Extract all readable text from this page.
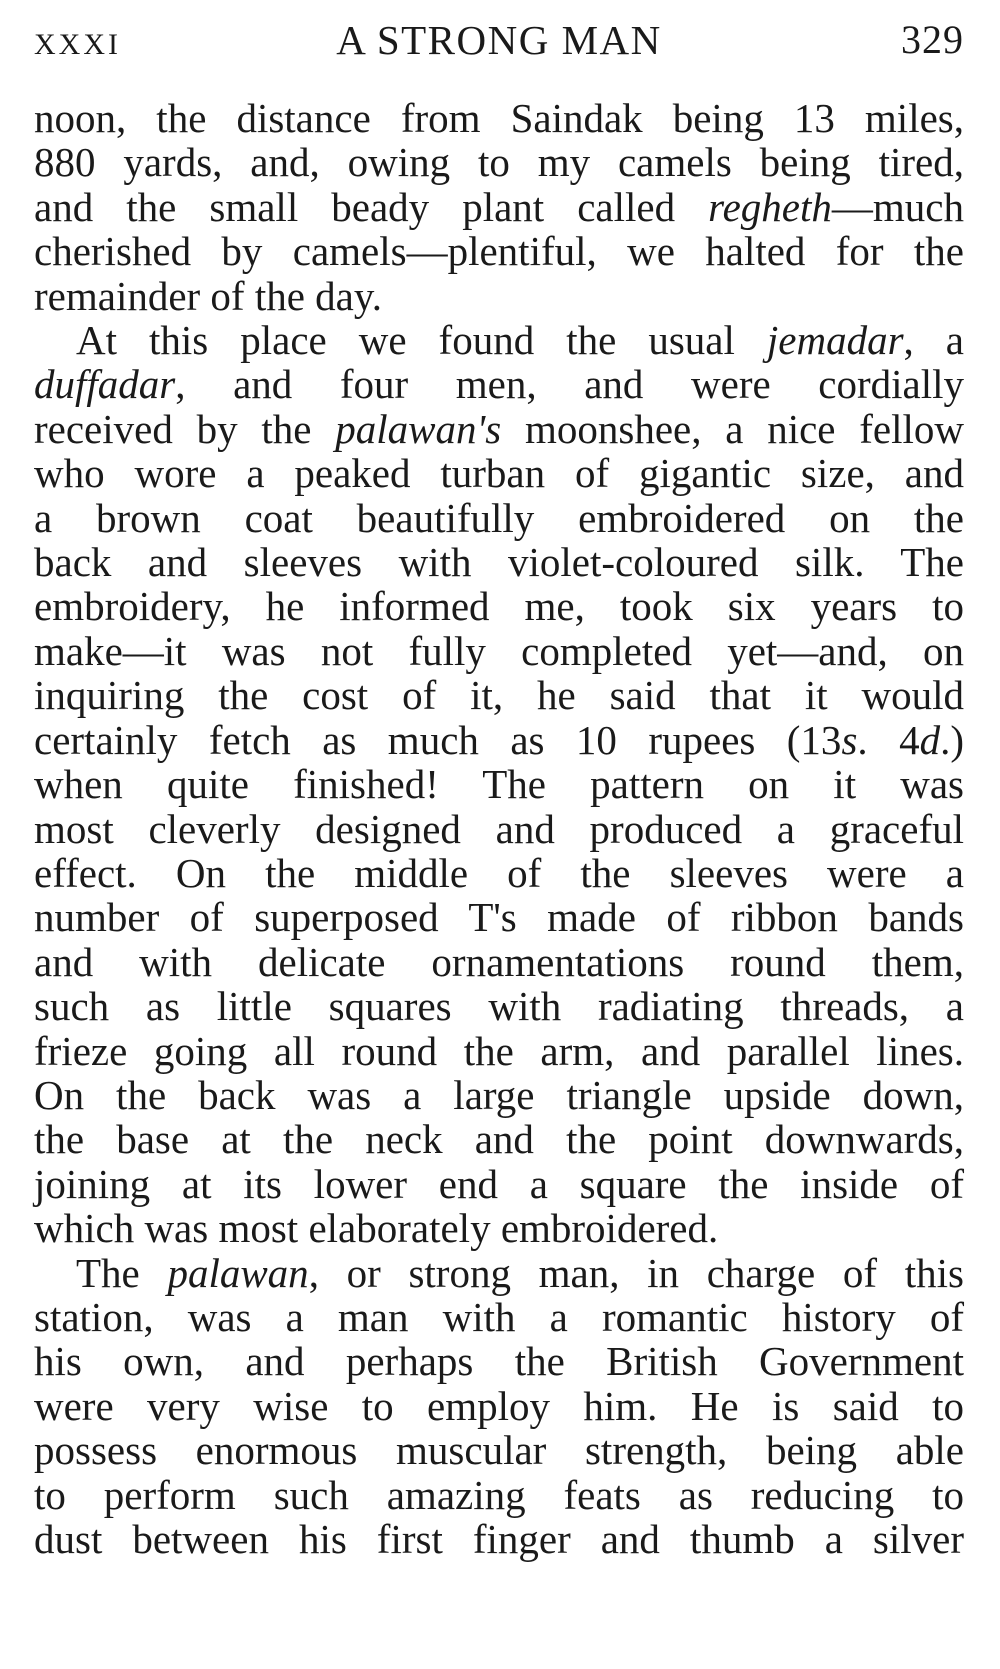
XXXI	A STRONG MAN	329
noon, the distance from Saindak being 13 miles,
880 yards, and, owing to my camels being tired,
and the small beady plant called regheth—much
cherished by camels—plentiful, we halted for the
remainder of the day.
At this place we found the usual jemadar, a
duffadar, and four men, and were cordially
received by the palawan's moonshee, a nice fellow
who wore a peaked turban of gigantic size, and
a brown coat beautifully embroidered on the
back and sleeves with violet-coloured silk. The
embroidery, he informed me, took six years to
make—it was not fully completed yet—and, on
inquiring the cost of it, he said that it would
certainly fetch as much as 10 rupees (13s. 4d.)
when quite finished! The pattern on it was
most cleverly designed and produced a graceful
effect. On the middle of the sleeves were a
number of superposed T's made of ribbon bands
and with delicate ornamentations round them,
such as little squares with radiating threads, a
frieze going all round the arm, and parallel lines.
On the back was a large triangle upside down,
the base at the neck and the point downwards,
joining at its lower end a square the inside of
which was most elaborately embroidered.
The palawan, or strong man, in charge of this
station, was a man with a romantic history of
his own, and perhaps the British Government
were very wise to employ him. He is said to
possess enormous muscular strength, being able
to perform such amazing feats as reducing to
dust between his first finger and thumb a silver
